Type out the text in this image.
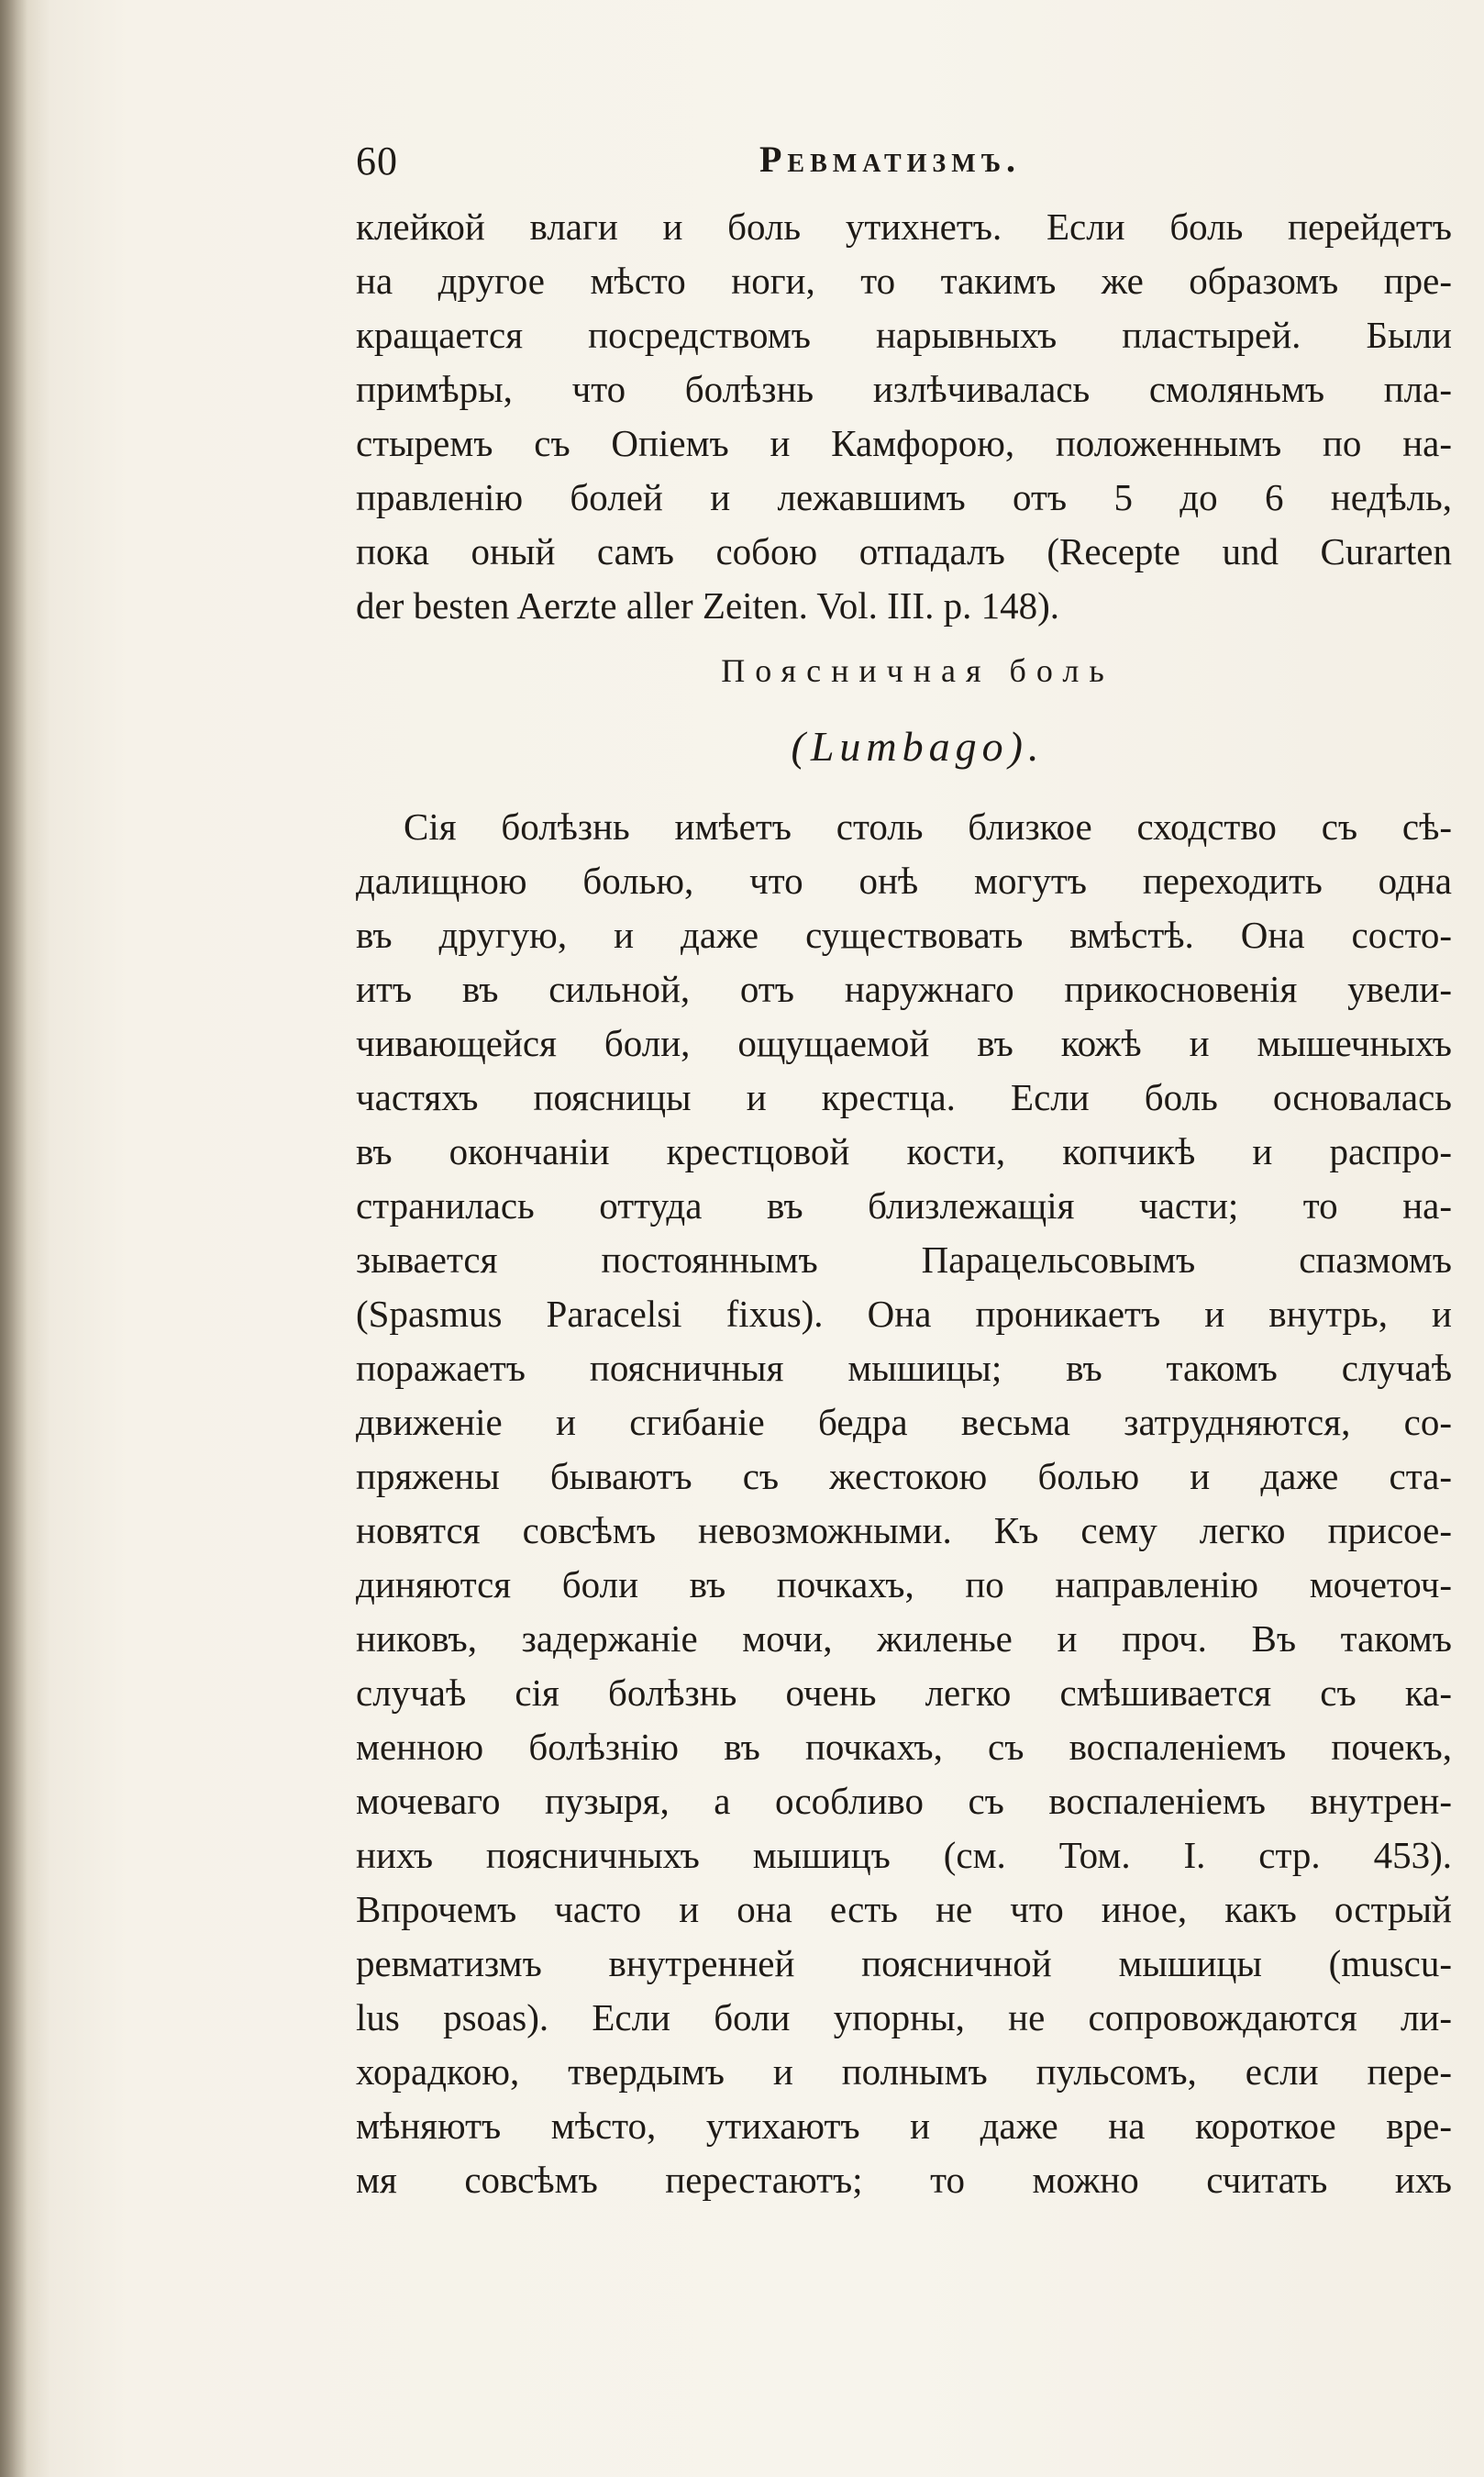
60	Ревматизмъ.
клейкой влаги и боль утихнетъ. Если боль перейдетъ
на другое мѣсто ноги, то такимъ же образомъ пре-
кращается посредствомъ нарывныхъ пластырей. Были
примѣры, что болѣзнь излѣчивалась смоляньмъ пла-
стыремъ съ Опіемъ и Камфорою, положеннымъ по на-
правленію болей и лежавшимъ отъ 5 до 6 недѣль,
пока оный самъ собою отпадалъ (Recepte und Curarten
der besten Aerzte aller Zeiten. Vol. III. p. 148).
Поясничная боль
(Lumbago).
Сія болѣзнь имѣетъ столь близкое сходство съ сѣ-
далищною болью, что онѣ могутъ переходить одна
въ другую, и даже существовать вмѣстѣ. Она состо-
итъ въ сильной, отъ наружнаго прикосновенія увели-
чивающейся боли, ощущаемой въ кожѣ и мышечныхъ
частяхъ поясницы и крестца. Если боль основалась
въ окончаніи крестцовой кости, копчикѣ и распро-
странилась оттуда въ близлежащія части; то на-
зывается постояннымъ Парацельсовымъ спазмомъ
(Spasmus Paracelsi fixus). Она проникаетъ и внутрь, и
поражаетъ поясничныя мышицы; въ такомъ случаѣ
движеніе и сгибаніе бедра весьма затрудняются, со-
пряжены бываютъ съ жестокою болью и даже ста-
новятся совсѣмъ невозможными. Къ сему легко присое-
диняются боли въ почкахъ, по направленію мочеточ-
никовъ, задержаніе мочи, жиленье и проч. Въ такомъ
случаѣ сія болѣзнь очень легко смѣшивается съ ка-
менною болѣзнію въ почкахъ, съ воспаленіемъ почекъ,
мочеваго пузыря, а особливо съ воспаленіемъ внутрен-
нихъ поясничныхъ мышицъ (см. Том. I. стр. 453).
Впрочемъ часто и она есть не что иное, какъ острый
ревматизмъ внутренней поясничной мышицы (muscu-
lus psoas). Если боли упорны, не сопровождаются ли-
хорадкою, твердымъ и полнымъ пульсомъ, если пере-
мѣняютъ мѣсто, утихаютъ и даже на короткое вре-
мя совсѣмъ перестаютъ; то можно считать ихъ
